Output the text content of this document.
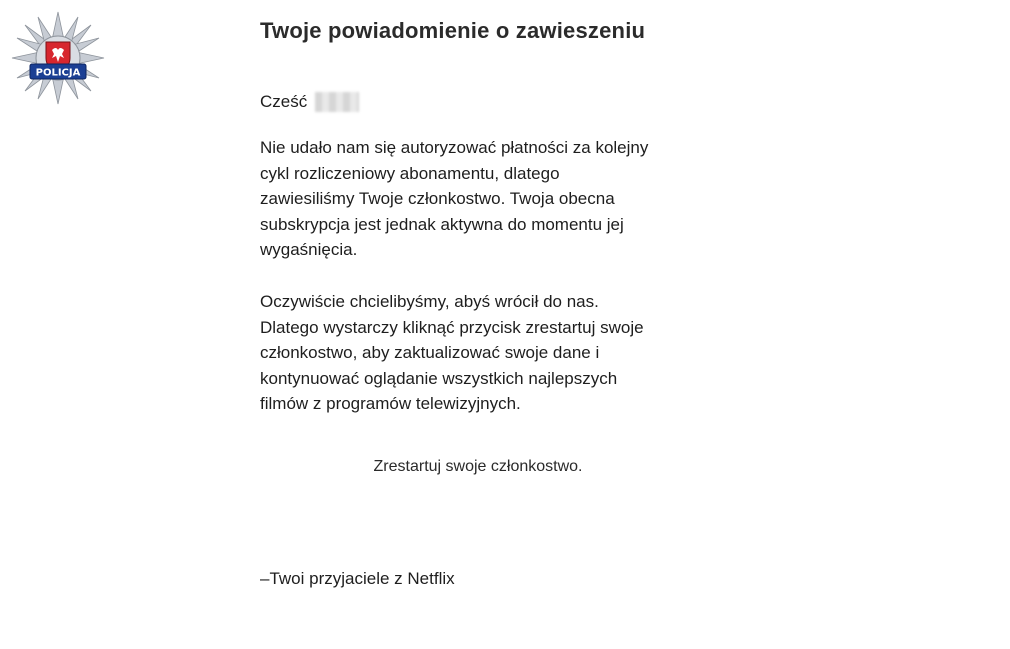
POLICJA
Twoje powiadomienie o zawieszeniu
Cześć

Nie udało nam się autoryzować płatności za kolejny
cykl rozliczeniowy abonamentu, dlatego
zawiesiliśmy Twoje członkostwo. Twoja obecna
subskrypcja jest jednak aktywna do momentu jej
wygaśnięcia.

Oczywiście chcielibyśmy, abyś wrócił do nas.
Dlatego wystarczy kliknąć przycisk zrestartuj swoje
członkostwo, aby zaktualizować swoje dane i
kontynuować oglądanie wszystkich najlepszych
filmów z programów telewizyjnych.

Zrestartuj swoje członkostwo.
–Twoi przyjaciele z Netflix
